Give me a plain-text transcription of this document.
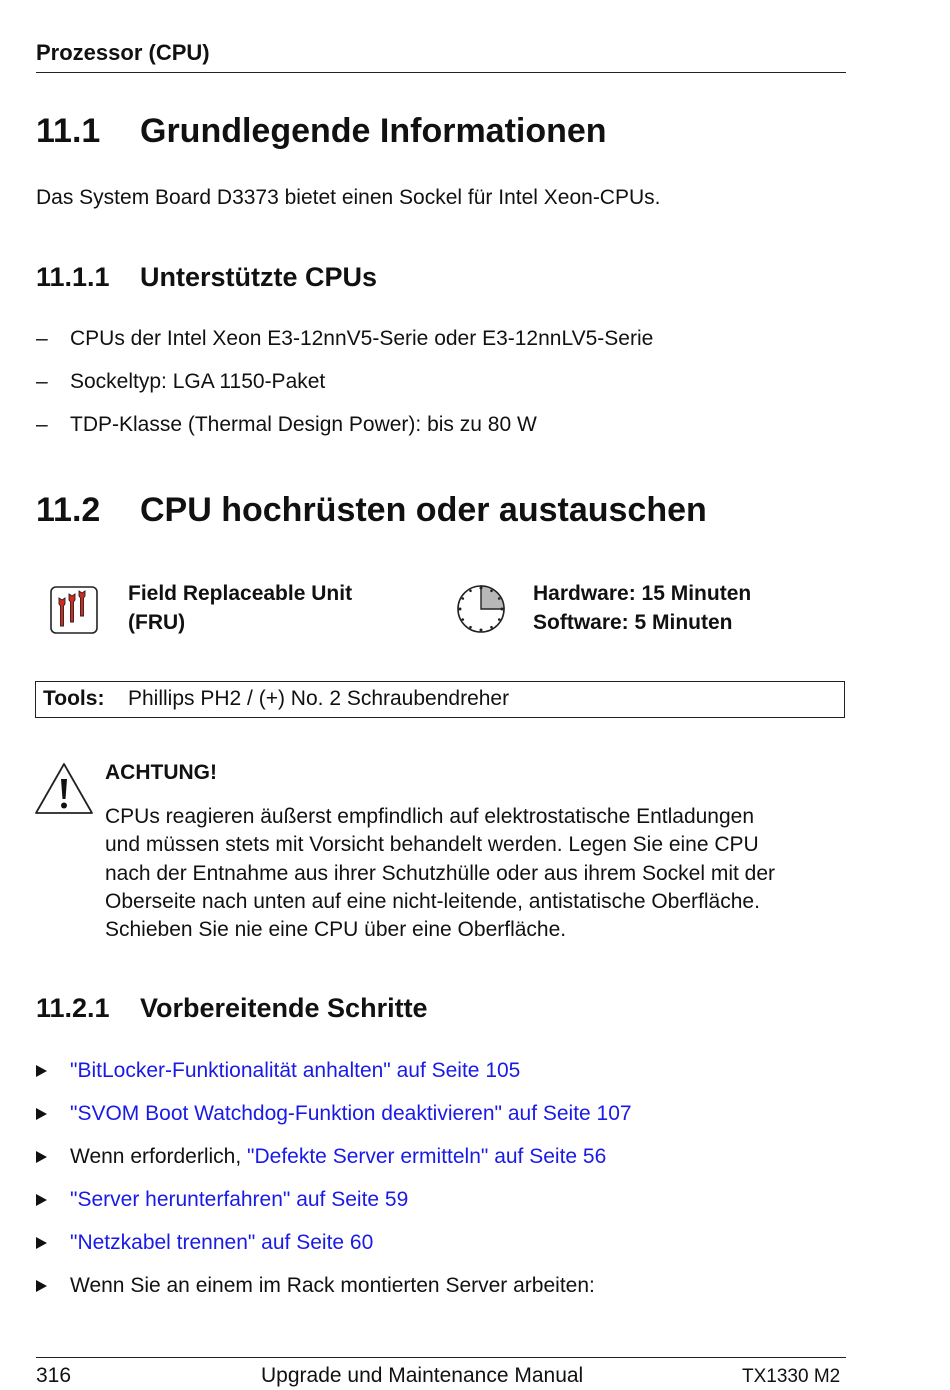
Prozessor (CPU)
11.1 Grundlegende Informationen
Das System Board D3373 bietet einen Sockel für Intel Xeon-CPUs.
11.1.1 Unterstützte CPUs
– CPUs der Intel Xeon E3-12nnV5-Serie oder E3-12nnLV5-Serie
– Sockeltyp: LGA 1150-Paket
– TDP-Klasse (Thermal Design Power): bis zu 80 W
11.2 CPU hochrüsten oder austauschen
Field Replaceable Unit
(FRU)
Hardware: 15 Minuten
Software: 5 Minuten
Tools: Phillips PH2 / (+) No. 2 Schraubendreher
ACHTUNG!
CPUs reagieren äußerst empfindlich auf elektrostatische Entladungen
und müssen stets mit Vorsicht behandelt werden. Legen Sie eine CPU
nach der Entnahme aus ihrer Schutzhülle oder aus ihrem Sockel mit der
Oberseite nach unten auf eine nicht-leitende, antistatische Oberfläche.
Schieben Sie nie eine CPU über eine Oberfläche.
11.2.1 Vorbereitende Schritte
"BitLocker-Funktionalität anhalten" auf Seite 105
"SVOM Boot Watchdog-Funktion deaktivieren" auf Seite 107
Wenn erforderlich, "Defekte Server ermitteln" auf Seite 56
"Server herunterfahren" auf Seite 59
"Netzkabel trennen" auf Seite 60
Wenn Sie an einem im Rack montierten Server arbeiten:
316	Upgrade und Maintenance Manual	TX1330 M2
